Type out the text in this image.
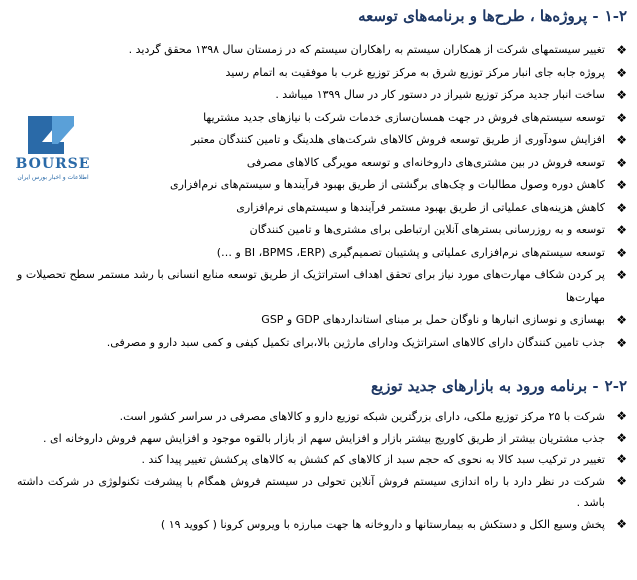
۱-۲- پروژه‌ها ، طرح‌ها و برنامه‌های توسعه
❖
تغییر سیستمهای شرکت از همکاران سیستم به راهکاران سیستم که در زمستان سال ۱۳۹۸ محقق گردید .
❖
پروژه جابه جای انبار مرکز توزیع شرق به مرکز توزیع غرب با موفقیت به اتمام رسید
❖
ساخت انبار جدید مرکز توزیع شیراز در دستور کار در سال ۱۳۹۹ میباشد .
❖
توسعه سیستم‌های فروش در جهت همسان‌سازی خدمات شرکت با نیازهای جدید مشتریها
❖
افزایش سودآوری از طریق توسعه فروش کالاهای شرکت‌های هلدینگ و تامین کنندگان معتبر
❖
توسعه فروش در بین مشتری‌های داروخانه‌ای و توسعه مویرگی کالاهای مصرفی
❖
کاهش دوره وصول مطالبات و چک‌های برگشتی از طریق بهبود فرآیندها و سیستم‌های نرم‌افزاری
❖
کاهش هزینه‌های عملیاتی از طریق بهبود مستمر فرآیندها و سیستم‌های نرم‌افزاری
❖
توسعه و به روزرسانی بسترهای آنلاین ارتباطی برای مشتری‌ها و تامین کنندگان
❖
توسعه سیستم‌های نرم‌افزاری عملیاتی و پشتیبان تصمیم‌گیری (BI ،BPMS ،ERP و …)
❖
پر کردن شکاف مهارت‌های مورد نیاز برای تحقق اهداف استراتژیک از طریق توسعه منابع انسانی با رشد مستمر سطح تحصیلات و مهارت‌ها
❖
بهسازی و نوسازی انبارها و ناوگان حمل بر مبنای استانداردهای GDP و GSP
❖
جذب تامین کنندگان دارای کالاهای استراتژیک ودارای مارژین بالا،برای تکمیل کیفی و کمی سبد دارو و مصرفی.
۲-۲- برنامه ورود به بازارهای جدید توزیع
❖
شرکت با ۲۵ مرکز توزیع ملکی، دارای بزرگترین شبکه توزیع دارو و کالاهای مصرفی در سراسر کشور است.
❖
جذب مشتریان بیشتر از طریق کاوریج بیشتر بازار و افزایش سهم از بازار بالقوه موجود و افزایش سهم فروش داروخانه ای .
❖
تغییر در ترکیب سبد کالا به نحوی که حجم سبد از کالاهای کم کشش به کالاهای پرکشش تغییر پیدا کند .
❖
شرکت در نظر دارد با راه اندازی سیستم فروش آنلاین تحولی در سیستم فروش همگام با پیشرفت تکنولوژی در شرکت داشته باشد .
❖
پخش وسیع الکل و دستکش به بیمارستانها و داروخانه ها جهت مبارزه با ویروس کرونا ( کووید ۱۹ )
BOURSE
اطلاعات و اخبار بورس ایران
